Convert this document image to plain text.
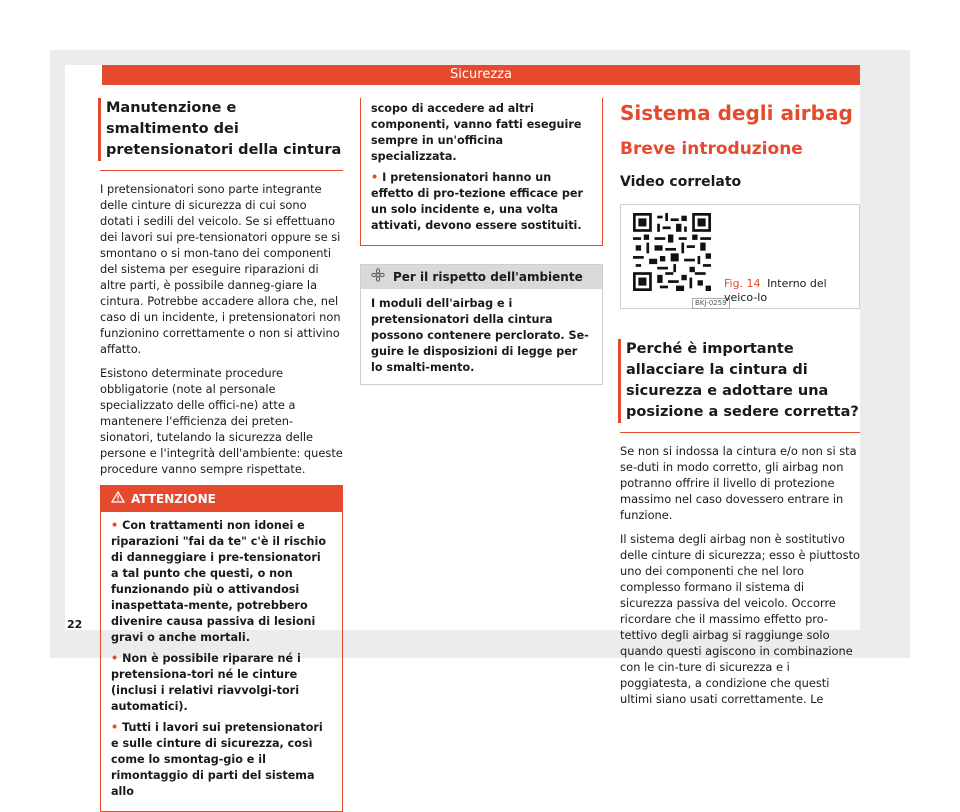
Sicurezza
Manutenzione e smaltimento dei pretensionatori della cintura

I pretensionatori sono parte integrante delle cinture di sicurezza di cui sono dotati i sedili del veicolo. Se si effettuano dei lavori sui pre-tensionatori oppure se si smontano o si mon-tano dei componenti del sistema per eseguire riparazioni di altre parti, è possibile danneg-giare la cintura. Potrebbe accadere allora che, nel caso di un incidente, i pretensionatori non funzionino correttamente o non si attivino affatto.

Esistono determinate procedure obbligatorie (note al personale specializzato delle offici-ne) atte a mantenere l'efficienza dei preten-sionatori, tutelando la sicurezza delle persone e l'integrità dell'ambiente: queste procedure vanno sempre rispettate.

ATTENZIONE
• Con trattamenti non idonei e riparazioni "fai da te" c'è il rischio di danneggiare i pre-tensionatori a tal punto che questi, o non funzionando più o attivandosi inaspettata-mente, potrebbero divenire causa passiva di lesioni gravi o anche mortali.
• Non è possibile riparare né i pretensiona-tori né le cinture (inclusi i relativi riavvolgi-tori automatici).
• Tutti i lavori sui pretensionatori e sulle cinture di sicurezza, così come lo smontag-gio e il rimontaggio di parti del sistema allo
scopo di accedere ad altri componenti, vanno fatti eseguire sempre in un'officina specializzata.
• I pretensionatori hanno un effetto di pro-tezione efficace per un solo incidente e, una volta attivati, devono essere sostituiti.
Per il rispetto dell'ambiente
I moduli dell'airbag e i pretensionatori della cintura possono contenere perclorato. Se-guire le disposizioni di legge per lo smalti-mento.
Sistema degli airbag
Breve introduzione
Video correlato
BKJ-0259
Fig. 14 Interno del veico-lo
Perché è importante allacciare la cintura di sicurezza e adottare una posizione a sedere corretta?

Se non si indossa la cintura e/o non si sta se-duti in modo corretto, gli airbag non potranno offrire il livello di protezione massimo nel caso dovessero entrare in funzione.

Il sistema degli airbag non è sostitutivo delle cinture di sicurezza; esso è piuttosto uno dei componenti che nel loro complesso formano il sistema di sicurezza passiva del veicolo. Occorre ricordare che il massimo effetto pro-tettivo degli airbag si raggiunge solo quando questi agiscono in combinazione con le cin-ture di sicurezza e i poggiatesta, a condizione che questi ultimi siano usati correttamente. Le

22
